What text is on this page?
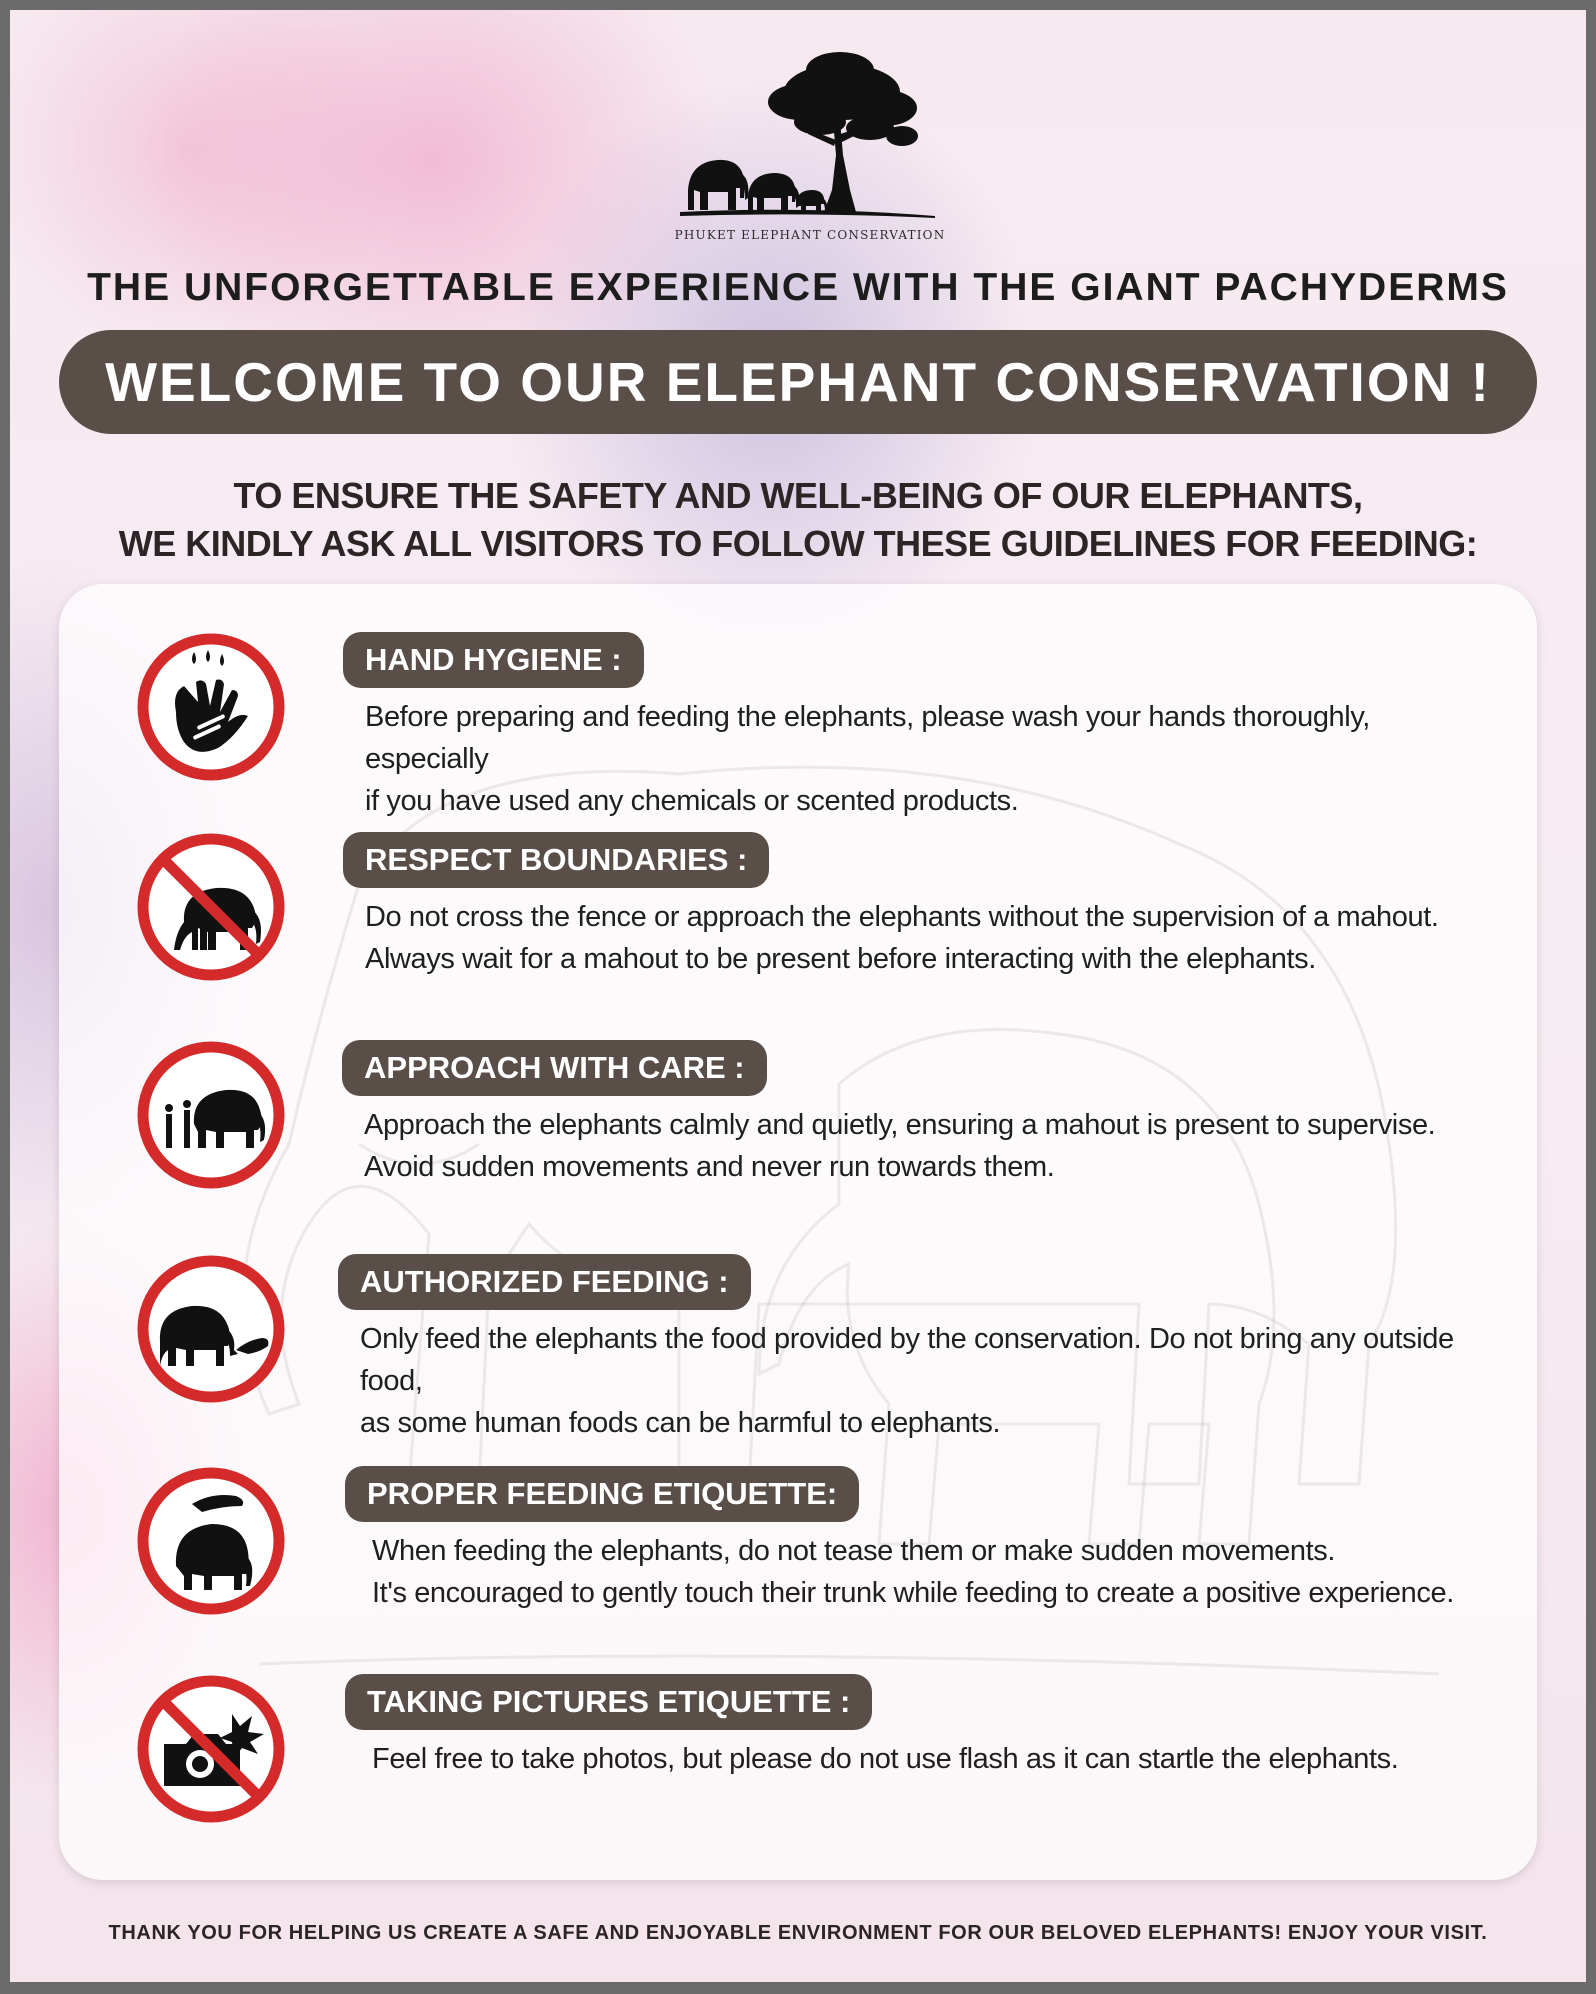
PHUKET ELEPHANT CONSERVATION
THE UNFORGETTABLE EXPERIENCE WITH THE GIANT PACHYDERMS
WELCOME TO OUR ELEPHANT CONSERVATION !
TO ENSURE THE SAFETY AND WELL-BEING OF OUR ELEPHANTS,
WE KINDLY ASK ALL VISITORS TO FOLLOW THESE GUIDELINES FOR FEEDING:
HAND HYGIENE :
Before preparing and feeding the elephants, please wash your hands thoroughly, especially
if you have used any chemicals or scented products.
RESPECT BOUNDARIES :
Do not cross the fence or approach the elephants without the supervision of a mahout.
Always wait for a mahout to be present before interacting with the elephants.
APPROACH WITH CARE :
Approach the elephants calmly and quietly, ensuring a mahout is present to supervise.
Avoid sudden movements and never run towards them.
AUTHORIZED FEEDING :
Only feed the elephants the food provided by the conservation. Do not bring any outside food,
as some human foods can be harmful to elephants.
PROPER FEEDING ETIQUETTE:
When feeding the elephants, do not tease them or make sudden movements.
It's encouraged to gently touch their trunk while feeding to create a positive experience.
TAKING PICTURES ETIQUETTE :
Feel free to take photos, but please do not use flash as it can startle the elephants.
THANK YOU FOR HELPING US CREATE A SAFE AND ENJOYABLE ENVIRONMENT FOR OUR BELOVED ELEPHANTS! ENJOY YOUR VISIT.
